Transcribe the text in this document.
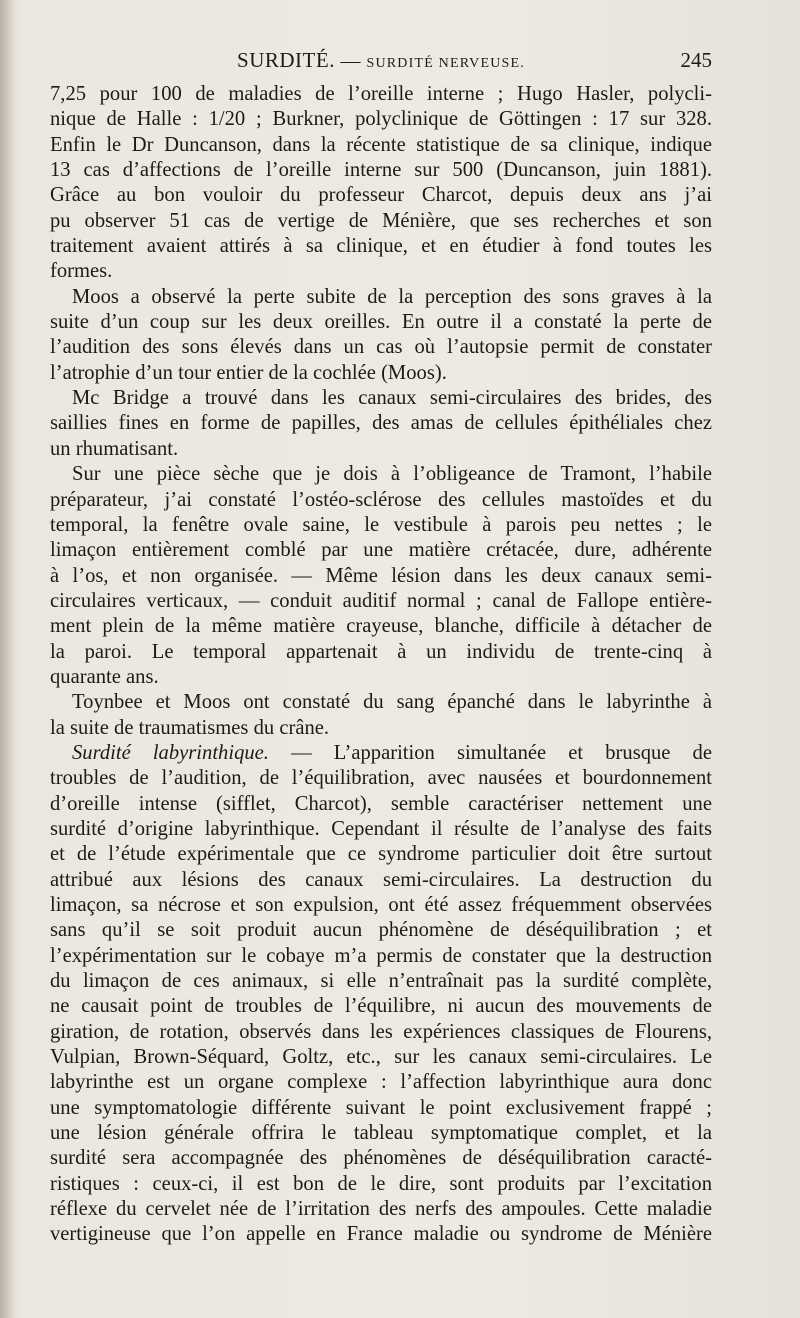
SURDITÉ. — SURDITÉ NERVEUSE.	245
7,25 pour 100 de maladies de l’oreille interne ; Hugo Hasler, polycli-
nique de Halle : 1/20 ; Burkner, polyclinique de Göttingen : 17 sur 328.
Enfin le Dr Duncanson, dans la récente statistique de sa clinique, indique
13 cas d’affections de l’oreille interne sur 500 (Duncanson, juin 1881).
Grâce au bon vouloir du professeur Charcot, depuis deux ans j’ai
pu observer 51 cas de vertige de Ménière, que ses recherches et son
traitement avaient attirés à sa clinique, et en étudier à fond toutes les
formes.
Moos a observé la perte subite de la perception des sons graves à la
suite d’un coup sur les deux oreilles. En outre il a constaté la perte de
l’audition des sons élevés dans un cas où l’autopsie permit de constater
l’atrophie d’un tour entier de la cochlée (Moos).
Mc Bridge a trouvé dans les canaux semi-circulaires des brides, des
saillies fines en forme de papilles, des amas de cellules épithéliales chez
un rhumatisant.
Sur une pièce sèche que je dois à l’obligeance de Tramont, l’habile
préparateur, j’ai constaté l’ostéo-sclérose des cellules mastoïdes et du
temporal, la fenêtre ovale saine, le vestibule à parois peu nettes ; le
limaçon entièrement comblé par une matière crétacée, dure, adhérente
à l’os, et non organisée. — Même lésion dans les deux canaux semi-
circulaires verticaux, — conduit auditif normal ; canal de Fallope entière-
ment plein de la même matière crayeuse, blanche, difficile à détacher de
la paroi. Le temporal appartenait à un individu de trente-cinq à
quarante ans.
Toynbee et Moos ont constaté du sang épanché dans le labyrinthe à
la suite de traumatismes du crâne.
Surdité labyrinthique. — L’apparition simultanée et brusque de
troubles de l’audition, de l’équilibration, avec nausées et bourdonnement
d’oreille intense (sifflet, Charcot), semble caractériser nettement une
surdité d’origine labyrinthique. Cependant il résulte de l’analyse des faits
et de l’étude expérimentale que ce syndrome particulier doit être surtout
attribué aux lésions des canaux semi-circulaires. La destruction du
limaçon, sa nécrose et son expulsion, ont été assez fréquemment observées
sans qu’il se soit produit aucun phénomène de déséquilibration ; et
l’expérimentation sur le cobaye m’a permis de constater que la destruction
du limaçon de ces animaux, si elle n’entraînait pas la surdité complète,
ne causait point de troubles de l’équilibre, ni aucun des mouvements de
giration, de rotation, observés dans les expériences classiques de Flourens,
Vulpian, Brown-Séquard, Goltz, etc., sur les canaux semi-circulaires. Le
labyrinthe est un organe complexe : l’affection labyrinthique aura donc
une symptomatologie différente suivant le point exclusivement frappé ;
une lésion générale offrira le tableau symptomatique complet, et la
surdité sera accompagnée des phénomènes de déséquilibration caracté-
ristiques : ceux-ci, il est bon de le dire, sont produits par l’excitation
réflexe du cervelet née de l’irritation des nerfs des ampoules. Cette maladie
vertigineuse que l’on appelle en France maladie ou syndrome de Ménière
